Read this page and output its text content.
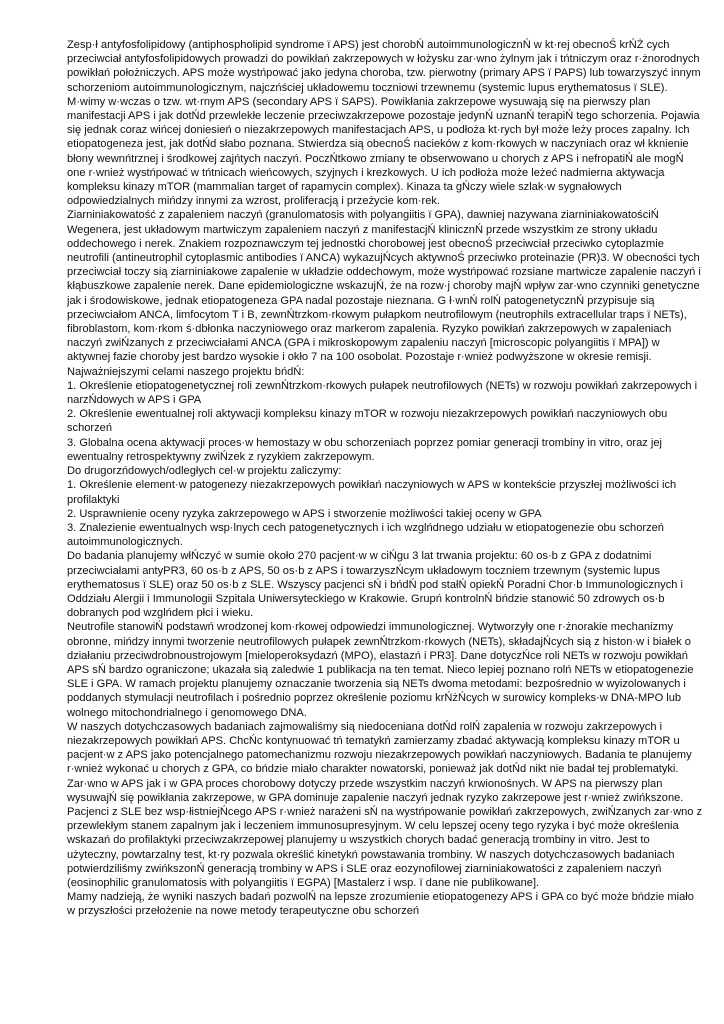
Zesp·ł antyfosfolipidowy (antiphospholipid syndrome ï APS) jest chorobŃ autoimmunologicznŃ w kt·rej obecnoŚ krŃŻ cych przeciwciał antyfosfolipidowych prowadzi do powikłań zakrzepowych w łożysku zar·wno żylnym jak i tńtniczym oraz r·żnorodnych powikłań położniczych. APS może wystńpować jako jedyna choroba, tzw. pierwotny (primary APS ï PAPS) lub towarzyszyć innym schorzeniom autoimmunologicznym, najczńściej układowemu toczniowi trzewnemu (systemic lupus erythematosus ï SLE). M·wimy w·wczas o tzw. wt·rnym APS (secondary APS ï SAPS). Powikłania zakrzepowe wysuwają się na pierwszy plan manifestacji APS i jak dotŃd przewlekłe leczenie przeciwzakrzepowe pozostaje jedynŃ uznanŃ terapiŃ tego schorzenia. Pojawia się jednak coraz wińcej doniesień o niezakrzepowych manifestacjach APS, u podłoża kt·rych był może leży proces zapalny. Ich etiopatogeneza jest, jak dotŃd słabo poznana. Stwierdza sią obecnoŚ nacieków z kom·rkowych w naczyniach oraz wł kknienie błony wewnńtrznej i środkowej zajńtych naczyń. PoczŃtkowo zmiany te obserwowano u chorych z APS i nefropatiŃ ale mogŃ one r·wnież wystńpować w tńtnicach wieńcowych, szyjnych i krezkowych. U ich podłoża może leżeć nadmierna aktywacja kompleksu kinazy mTOR (mammalian target of rapamycin complex). Kinaza ta gŃczy wiele szlak·w sygnałowych odpowiedzialnych mińdzy innymi za wzrost, proliferacją i przeżycie kom·rek.

Ziarniniakowatość z zapaleniem naczyń (granulomatosis with polyangiitis ï GPA), dawniej nazywana ziarniniakowatościŃ Wegenera, jest układowym martwiczym zapaleniem naczyń z manifestacjŃ klinicznŃ przede wszystkim ze strony układu oddechowego i nerek. Znakiem rozpoznawczym tej jednostki chorobowej jest obecnoŚ przeciwciał przeciwko cytoplazmie neutrofili (antineutrophil cytoplasmic antibodies ï ANCA) wykazujŃcych aktywnoŚ przeciwko proteinazie (PR)3. W obecności tych przeciwciał toczy sią ziarniniakowe zapalenie w układzie oddechowym, może wystńpować rozsiane martwicze zapalenie naczyń i kłąbuszkowe zapalenie nerek. Dane epidemiologiczne wskazujŃ, że na rozw·j choroby majŃ wpływ zar·wno czynniki genetyczne jak i środowiskowe, jednak etiopatogeneza GPA nadal pozostaje nieznana. G ł·wnŃ rolŃ patogenetycznŃ przypisuje sią przeciwciałom ANCA, limfocytom T i B, zewnŃtrzkom·rkowym pułapkom neutrofilowym (neutrophils extracellular traps ï NETs), fibroblastom, kom·rkom ś·dbłonka naczyniowego oraz markerom zapalenia. Ryzyko powikłań zakrzepowych w zapaleniach naczyń zwiŃzanych z przeciwciałami ANCA (GPA i mikroskopowym zapaleniu naczyń [microscopic polyangiitis ï MPA]) w aktywnej fazie choroby jest bardzo wysokie i okło 7 na 100 osobolat. Pozostaje r·wnież podwyższone w okresie remisji.

Najważniejszymi celami naszego projektu bńdŃ:

1. Określenie etiopatogenetycznej roli zewnŃtrzkom·rkowych pułapek neutrofilowych (NETs) w rozwoju powikłań zakrzepowych i narzŃdowych w APS i GPA

2. Określenie ewentualnej roli aktywacji kompleksu kinazy mTOR w rozwoju niezakrzepowych powikłań naczyniowych obu schorzeń

3. Globalna ocena aktywacji proces·w hemostazy w obu schorzeniach poprzez pomiar generacji trombiny in vitro, oraz jej ewentualny retrospektywny zwiŃzek z ryzykiem zakrzepowym.

Do drugorzńdowych/odległych cel·w projektu zaliczymy:

1. Określenie element·w patogenezy niezakrzepowych powikłań naczyniowych w APS w kontekście przyszłej możliwości ich profilaktyki

2. Usprawnienie oceny ryzyka zakrzepowego w APS i stworzenie możliwości takiej oceny w GPA

3. Znalezienie ewentualnych wsp·lnych cech patogenetycznych i ich wzglńdnego udziału w etiopatogenezie obu schorzeń autoimmunologicznych.

Do badania planujemy włŃczyć w sumie około 270 pacjent·w w ciŃgu 3 lat trwania projektu: 60 os·b z GPA z dodatnimi przeciwciałami antyPR3, 60 os·b z APS, 50 os·b z APS i towarzyszŃcym układowym toczniem trzewnym (systemic lupus erythematosus ï SLE) oraz 50 os·b z SLE. Wszyscy pacjenci sŃ i bńdŃ pod stałŃ opiekŃ Poradni Chor·b Immunologicznych i Oddziału Alergii i Immunologii Szpitala Uniwersyteckiego w Krakowie. Grupń kontrolnŃ bńdzie stanowić 50 zdrowych os·b dobranych pod wzglńdem płci i wieku.

Neutrofile stanowiŃ podstawń wrodzonej kom·rkowej odpowiedzi immunologicznej. Wytworzyły one r·żnorakie mechanizmy obronne, mińdzy innymi tworzenie neutrofilowych pułapek zewnŃtrzkom·rkowych (NETs), składajŃcych sią z histon·w i białek o działaniu przeciwdrobnoustrojowym [mieloperoksydazń (MPO), elastazń i PR3]. Dane dotyczŃce roli NETs w rozwoju powikłań APS sŃ bardzo ograniczone; ukazała sią zaledwie 1 publikacja na ten temat. Nieco lepiej poznano rolń NETs w etiopatogenezie SLE i GPA. W ramach projektu planujemy oznaczanie tworzenia sią NETs dwoma metodami: bezpośrednio w wyizolowanych i poddanych stymulacji neutrofilach i pośrednio poprzez określenie poziomu krŃżŃcych w surowicy kompleks·w DNA-MPO lub wolnego mitochondrialnego i genomowego DNA.

W naszych dotychczasowych badaniach zajmowaliśmy sią niedoceniana dotŃd rolŃ zapalenia w rozwoju zakrzepowych i niezakrzepowych powikłań APS. ChcŃc kontynuować tń tematykń zamierzamy zbadać aktywacją kompleksu kinazy mTOR u pacjent·w z APS jako potencjalnego patomechanizmu rozwoju niezakrzepowych powikłań naczyniowych. Badania te planujemy r·wnież wykonać u chorych z GPA, co bńdzie miało charakter nowatorski, ponieważ jak dotŃd nikt nie badał tej problematyki. Zar·wno w APS jak i w GPA proces chorobowy dotyczy przede wszystkim naczyń krwionośnych. W APS na pierwszy plan wysuwajŃ się powikłania zakrzepowe, w GPA dominuje zapalenie naczyń jednak ryzyko zakrzepowe jest r·wnież zwińkszone. Pacjenci z SLE bez wsp·łistniejŃcego APS r·wnież narażeni sŃ na wystńpowanie powikłań zakrzepowych, zwiŃzanych zar·wno z przewlekłym stanem zapalnym jak i leczeniem immunosupresyjnym. W celu lepszej oceny tego ryzyka i być może określenia wskazań do profilaktyki przeciwzakrzepowej planujemy u wszystkich chorych badać generacją trombiny in vitro. Jest to użyteczny, powtarzalny test, kt·ry pozwala określić kinetykń powstawania trombiny. W naszych dotychczasowych badaniach potwierdziliśmy zwińkszonŃ generacją trombiny w APS i SLE oraz eozynofilowej ziarniniakowatości z zapaleniem naczyń (eosinophilic granulomatosis with polyangiitis ï EGPA) [Mastalerz i wsp. ï dane nie publikowane].

Mamy nadzieją, że wyniki naszych badań pozwolŃ na lepsze zrozumienie etiopatogenezy APS i GPA co być może bńdzie miało w przyszłości przełożenie na nowe metody terapeutyczne obu schorzeń
